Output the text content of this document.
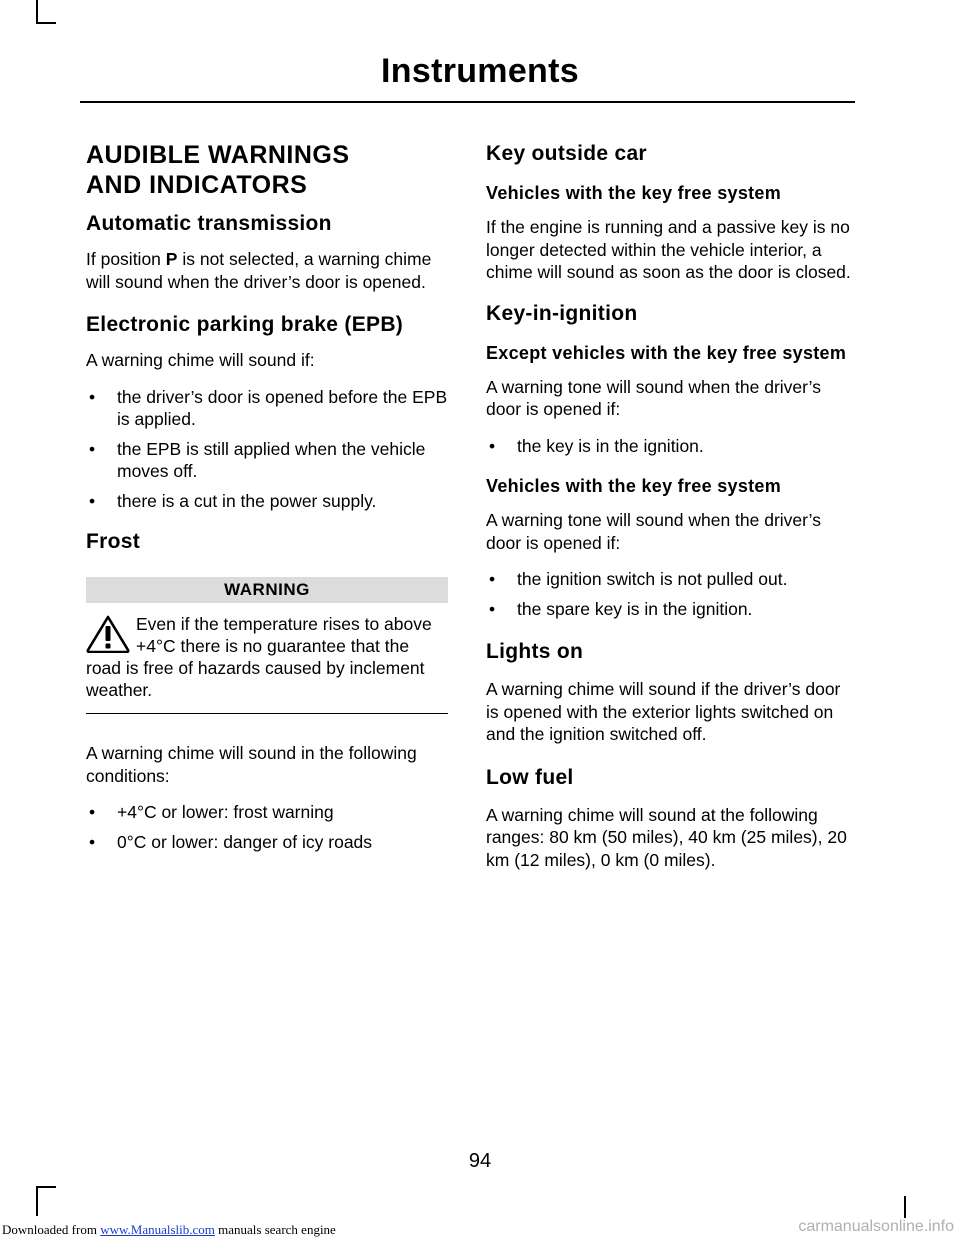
Instruments
AUDIBLE WARNINGS
AND INDICATORS
Automatic transmission

If position P is not selected, a warning chime will sound when the driver’s door is opened.

Electronic parking brake (EPB)

A warning chime will sound if:

• the driver’s door is opened before the EPB is applied.
• the EPB is still applied when the vehicle moves off.
• there is a cut in the power supply.
Frost
WARNING
Even if the temperature rises to above +4°C there is no guarantee that the road is free of hazards caused by inclement weather.

A warning chime will sound in the following conditions:

• +4°C or lower: frost warning
• 0°C or lower: danger of icy roads
Key outside car
Vehicles with the key free system

If the engine is running and a passive key is no longer detected within the vehicle interior, a chime will sound as soon as the door is closed.

Key-in-ignition
Except vehicles with the key free system

A warning tone will sound when the driver’s door is opened if:

• the key is in the ignition.
Vehicles with the key free system

A warning tone will sound when the driver’s door is opened if:

• the ignition switch is not pulled out.
• the spare key is in the ignition.
Lights on

A warning chime will sound if the driver’s door is opened with the exterior lights switched on and the ignition switched off.

Low fuel

A warning chime will sound at the following ranges: 80 km (50 miles), 40 km (25 miles), 20 km (12 miles), 0 km (0 miles).

94
Downloaded from www.Manualslib.com manuals search engine	carmanualsonline.info
